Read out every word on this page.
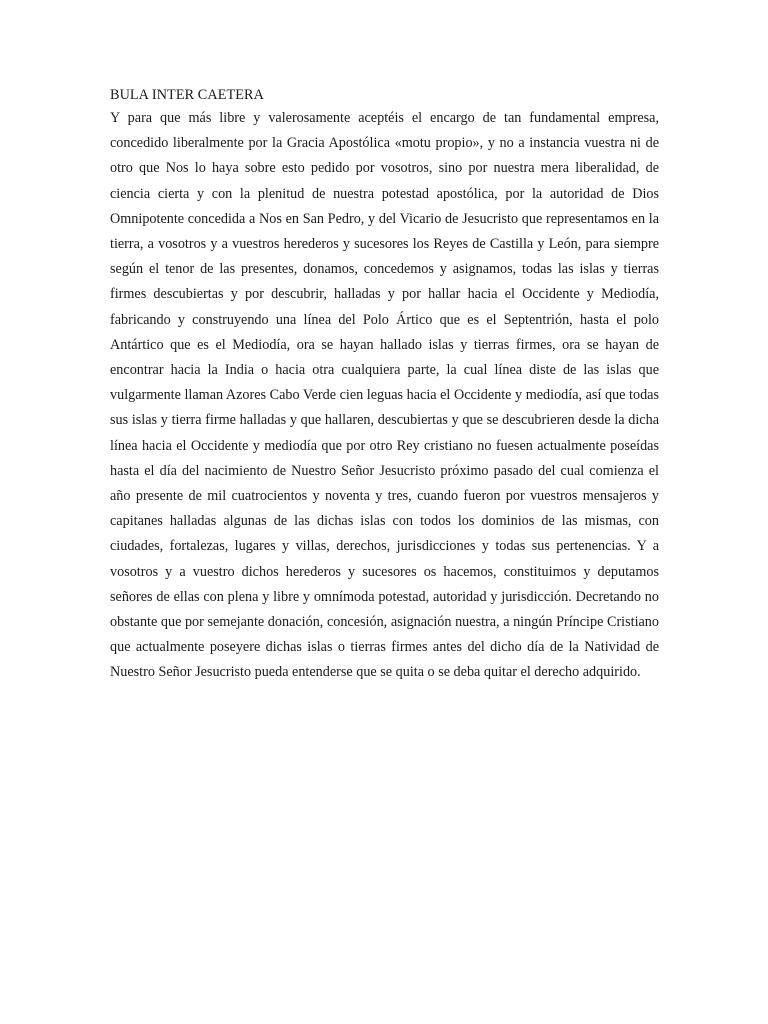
BULA INTER CAETERA

Y para que más libre y valerosamente aceptéis el encargo de tan fundamental empresa, concedido liberalmente por la Gracia Apostólica «motu propio», y no a instancia vuestra ni de otro que Nos lo haya sobre esto pedido por vosotros, sino por nuestra mera liberalidad, de ciencia cierta y con la plenitud de nuestra potestad apostólica, por la autoridad de Dios Omnipotente concedida a Nos en San Pedro, y del Vicario de Jesucristo que representamos en la tierra, a vosotros y a vuestros herederos y sucesores los Reyes de Castilla y León, para siempre según el tenor de las presentes, donamos, concedemos y asignamos, todas las islas y tierras firmes descubiertas y por descubrir, halladas y por hallar hacia el Occidente y Mediodía, fabricando y construyendo una línea del Polo Ártico que es el Septentrión, hasta el polo Antártico que es el Mediodía, ora se hayan hallado islas y tierras firmes, ora se hayan de encontrar hacia la India o hacia otra cualquiera parte, la cual línea diste de las islas que vulgarmente llaman Azores Cabo Verde cien leguas hacia el Occidente y mediodía, así que todas sus islas y tierra firme halladas y que hallaren, descubiertas y que se descubrieren desde la dicha línea hacia el Occidente y mediodía que por otro Rey cristiano no fuesen actualmente poseídas hasta el día del nacimiento de Nuestro Señor Jesucristo próximo pasado del cual comienza el año presente de mil cuatrocientos y noventa y tres, cuando fueron por vuestros mensajeros y capitanes halladas algunas de las dichas islas con todos los dominios de las mismas, con ciudades, fortalezas, lugares y villas, derechos, jurisdicciones y todas sus pertenencias. Y a vosotros y a vuestro dichos herederos y sucesores os hacemos, constituimos y deputamos señores de ellas con plena y libre y omnímoda potestad, autoridad y jurisdicción. Decretando no obstante que por semejante donación, concesión, asignación nuestra, a ningún Príncipe Cristiano que actualmente poseyere dichas islas o tierras firmes antes del dicho día de la Natividad de Nuestro Señor Jesucristo pueda entenderse que se quita o se deba quitar el derecho adquirido.
